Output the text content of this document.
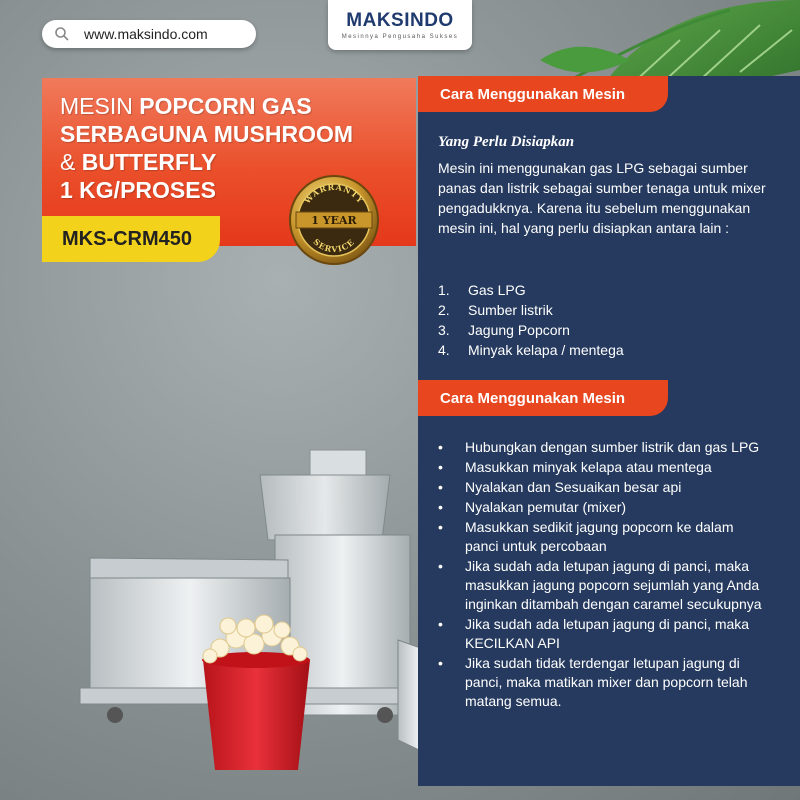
www.maksindo.com
MAKSINDO
Mesinnya Pengusaha Sukses
MESIN POPCORN GAS
SERBAGUNA MUSHROOM
& BUTTERFLY
1 KG/PROSES
MKS-CRM450
WARRANTY
1 YEAR
SERVICE
Cara Menggunakan Mesin
Yang Perlu Disiapkan
Mesin ini menggunakan gas LPG sebagai sumber panas dan listrik sebagai sumber tenaga untuk mixer pengadukknya. Karena itu sebelum menggunakan mesin ini, hal yang perlu disiapkan antara lain :
1.	Gas LPG
2.	Sumber listrik
3.	Jagung Popcorn
4.	Minyak kelapa / mentega
Cara Menggunakan Mesin
•	Hubungkan dengan sumber listrik dan gas LPG
•	Masukkan minyak kelapa atau mentega
•	Nyalakan dan Sesuaikan besar api
•	Nyalakan pemutar (mixer)
•	Masukkan sedikit jagung popcorn ke dalam panci untuk percobaan
•	Jika sudah ada letupan jagung di panci, maka masukkan jagung popcorn sejumlah yang Anda inginkan ditambah dengan caramel secukupnya
•	Jika sudah ada letupan jagung di panci, maka KECILKAN API
•	Jika sudah tidak terdengar letupan jagung di panci, maka matikan mixer dan popcorn telah matang semua.
